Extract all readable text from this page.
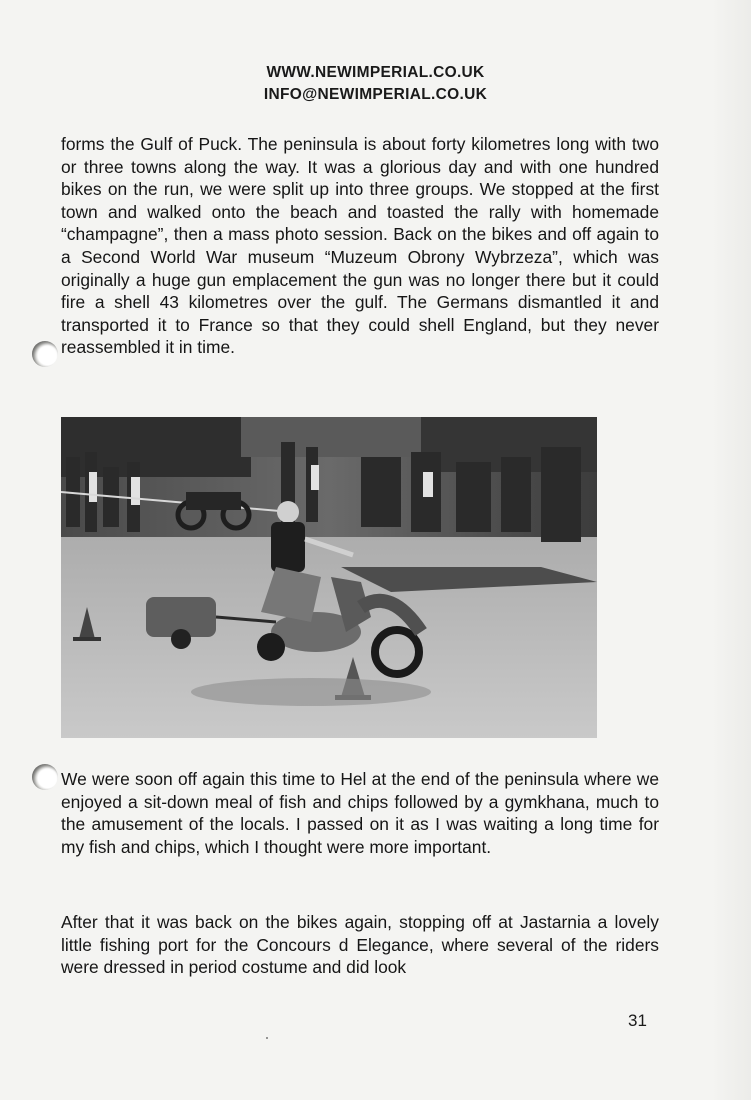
WWW.NEWIMPERIAL.CO.UK
INFO@NEWIMPERIAL.CO.UK

forms the Gulf of Puck. The peninsula is about forty kilometres long with two or three towns along the way. It was a glorious day and with one hundred bikes on the run, we were split up into three groups. We stopped at the first town and walked onto the beach and toasted the rally with homemade “champagne”, then a mass photo session. Back on the bikes and off again to a Second World War museum “Muzeum Obrony Wybrzeza”, which was originally a huge gun emplacement the gun was no longer there but it could fire a shell 43 kilometres over the gulf. The Germans dismantled it and transported it to France so that they could shell England, but they never reassembled it in time.

We were soon off again this time to Hel at the end of the peninsula where we enjoyed a sit-down meal of fish and chips followed by a gymkhana, much to the amusement of the locals. I passed on it as I was waiting a long time for my fish and chips, which I thought were more important.

After that it was back on the bikes again, stopping off at Jastarnia a lovely little fishing port for the Concours d Elegance, where several of the riders were dressed in period costume and did look

31
